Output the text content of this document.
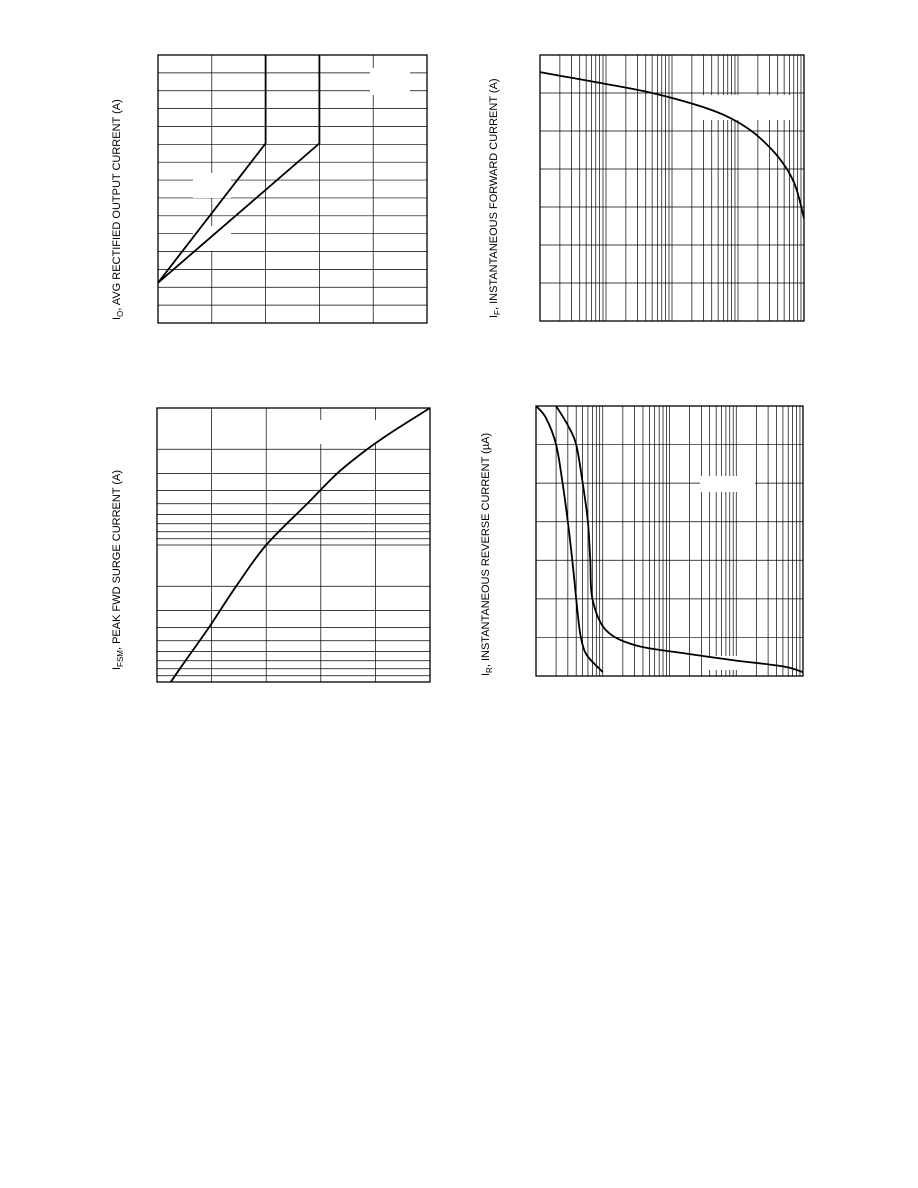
$I_O$, AVG RECTIFIED OUTPUT CURRENT (A)
$I_F$, INSTANTANEOUS FORWARD CURRENT (A)
$I_{FSM}$, PEAK FWD SURGE CURRENT (A)
$I_R$, INSTANTANEOUS REVERSE CURRENT (µA)
